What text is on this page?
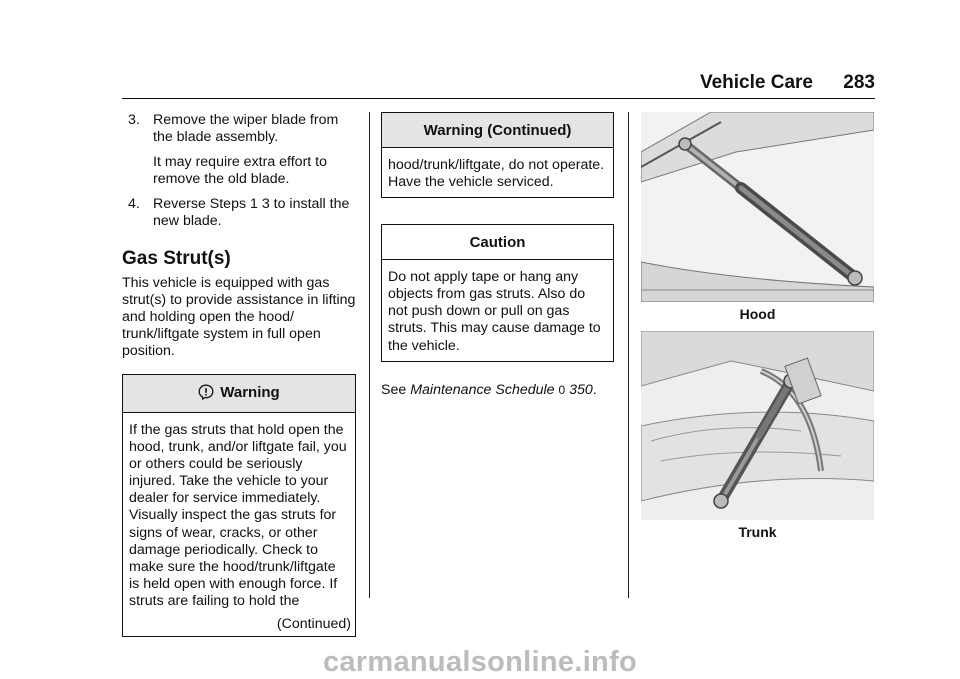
Vehicle Care 283
3. Remove the wiper blade from the blade assembly.
It may require extra effort to remove the old blade.
4. Reverse Steps 1 3 to install the new blade.
Gas Strut(s)
This vehicle is equipped with gas strut(s) to provide assistance in lifting and holding open the hood/ trunk/liftgate system in full open position.
Warning
If the gas struts that hold open the hood, trunk, and/or liftgate fail, you or others could be seriously injured. Take the vehicle to your dealer for service immediately. Visually inspect the gas struts for signs of wear, cracks, or other damage periodically. Check to make sure the hood/trunk/liftgate is held open with enough force. If struts are failing to hold the
(Continued)
Warning (Continued)
hood/trunk/liftgate, do not operate. Have the vehicle serviced.
Caution
Do not apply tape or hang any objects from gas struts. Also do not push down or pull on gas struts. This may cause damage to the vehicle.
See Maintenance Schedule 0 350.
Hood
Trunk
carmanualsonline.info
